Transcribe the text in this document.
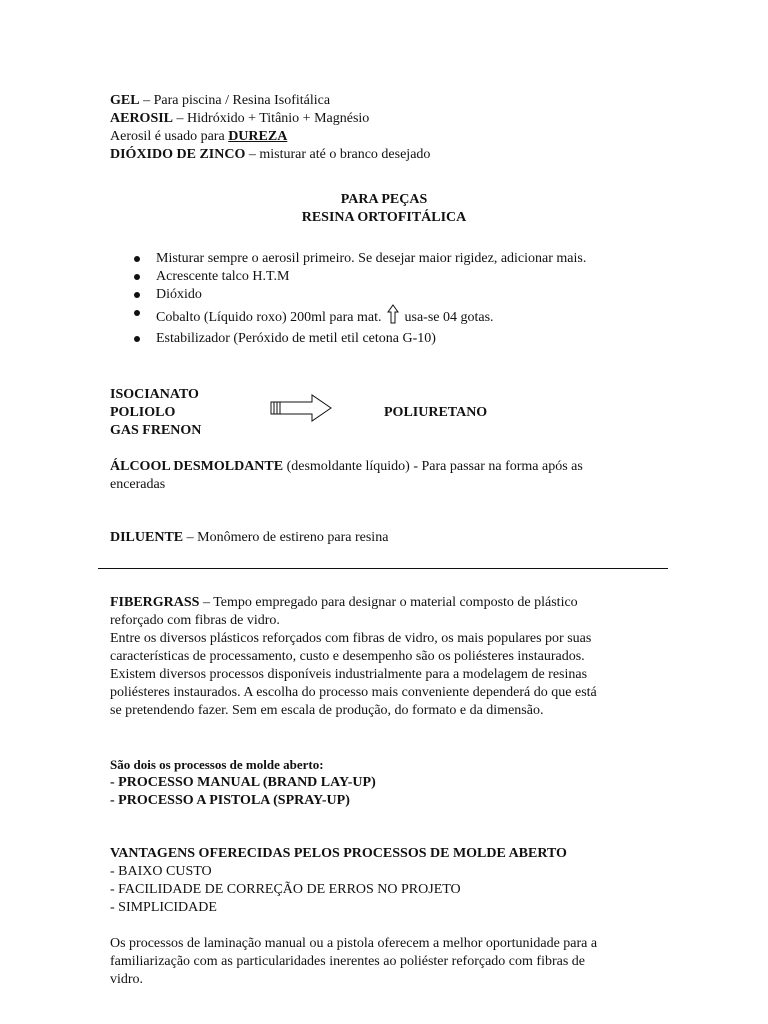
GEL – Para piscina / Resina Isofitálica
AEROSIL – Hidróxido + Titânio + Magnésio
Aerosil é usado para DUREZA
DIÓXIDO DE ZINCO – misturar até o branco desejado
PARA PEÇAS
RESINA ORTOFITÁLICA
Misturar sempre o aerosil primeiro. Se desejar maior rigidez, adicionar mais.
Acrescente talco H.T.M
Dióxido
Cobalto (Líquido roxo) 200ml para mat.  usa-se 04 gotas.
Estabilizador (Peróxido de metil etil cetona G-10)
ISOCIANATO
POLIOLO
GAS FRENON
POLIURETANO
ÁLCOOL DESMOLDANTE (desmoldante líquido) - Para passar na forma após as
enceradas
DILUENTE – Monômero de estireno para resina
FIBERGRASS – Tempo empregado para designar o material composto de plástico
reforçado com fibras de vidro.
Entre os diversos plásticos reforçados com fibras de vidro, os mais populares por suas
características de processamento, custo e desempenho são os poliésteres instaurados.
Existem diversos processos disponíveis industrialmente para a modelagem de resinas
poliésteres instaurados. A escolha do processo mais conveniente dependerá do que está
se pretendendo fazer. Sem em escala de produção, do formato e da dimensão.
São dois os processos de molde aberto:
- PROCESSO MANUAL (BRAND LAY-UP)
- PROCESSO A PISTOLA (SPRAY-UP)
VANTAGENS OFERECIDAS PELOS PROCESSOS DE MOLDE ABERTO
- BAIXO CUSTO
- FACILIDADE DE CORREÇÃO DE ERROS NO PROJETO
- SIMPLICIDADE
Os processos de laminação manual ou a pistola oferecem a melhor oportunidade para a
familiarização com as particularidades inerentes ao poliéster reforçado com fibras de
vidro.
